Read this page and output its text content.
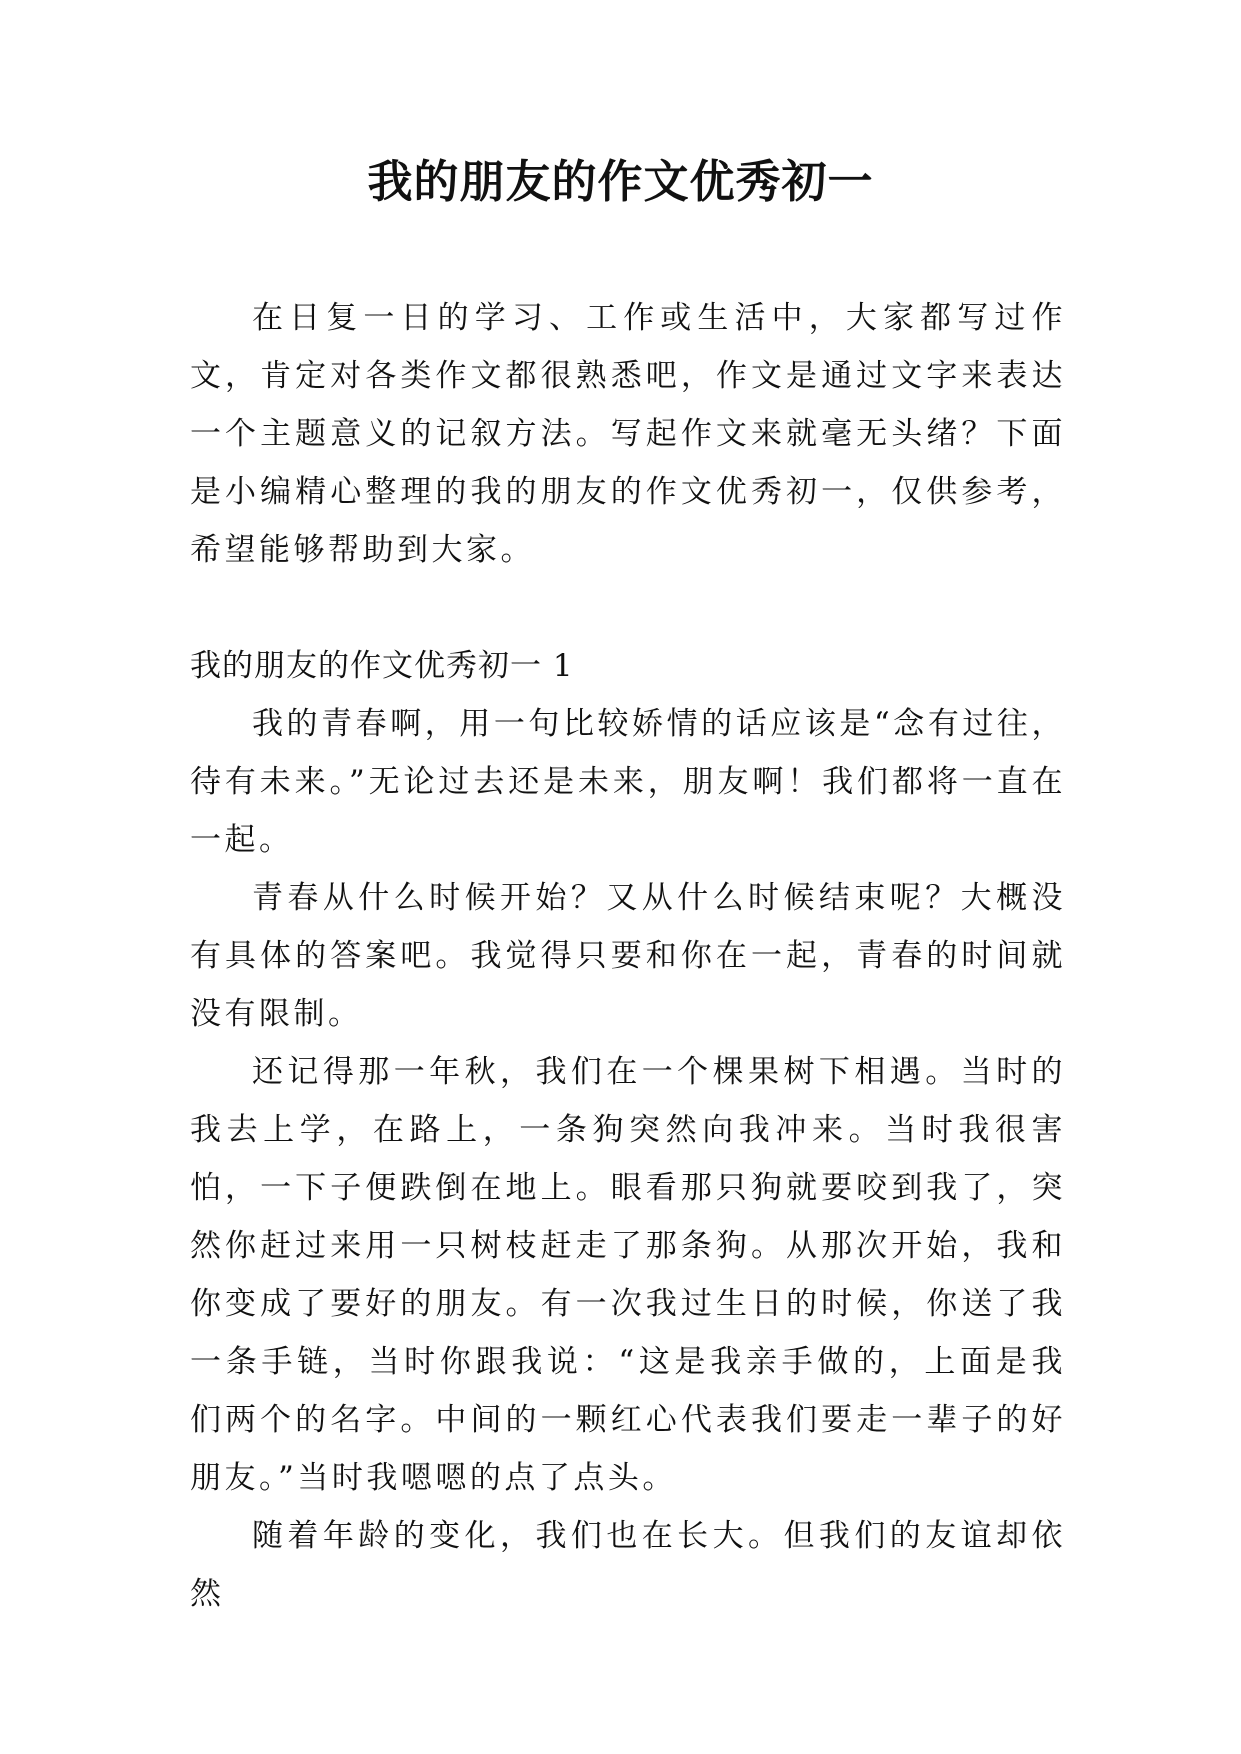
我的朋友的作文优秀初一

在日复一日的学习、工作或生活中，大家都写过作文，肯定对各类作文都很熟悉吧，作文是通过文字来表达一个主题意义的记叙方法。写起作文来就毫无头绪？下面是小编精心整理的我的朋友的作文优秀初一，仅供参考，希望能够帮助到大家。

我的朋友的作文优秀初一 1

我的青春啊，用一句比较娇情的话应该是“念有过往，待有未来。”无论过去还是未来，朋友啊！我们都将一直在一起。

青春从什么时候开始？又从什么时候结束呢？大概没有具体的答案吧。我觉得只要和你在一起，青春的时间就没有限制。

还记得那一年秋，我们在一个棵果树下相遇。当时的我去上学，在路上，一条狗突然向我冲来。当时我很害怕，一下子便跌倒在地上。眼看那只狗就要咬到我了，突然你赶过来用一只树枝赶走了那条狗。从那次开始，我和你变成了要好的朋友。有一次我过生日的时候，你送了我一条手链，当时你跟我说：“这是我亲手做的，上面是我们两个的名字。中间的一颗红心代表我们要走一辈子的好朋友。”当时我嗯嗯的点了点头。

随着年龄的变化，我们也在长大。但我们的友谊却依然
